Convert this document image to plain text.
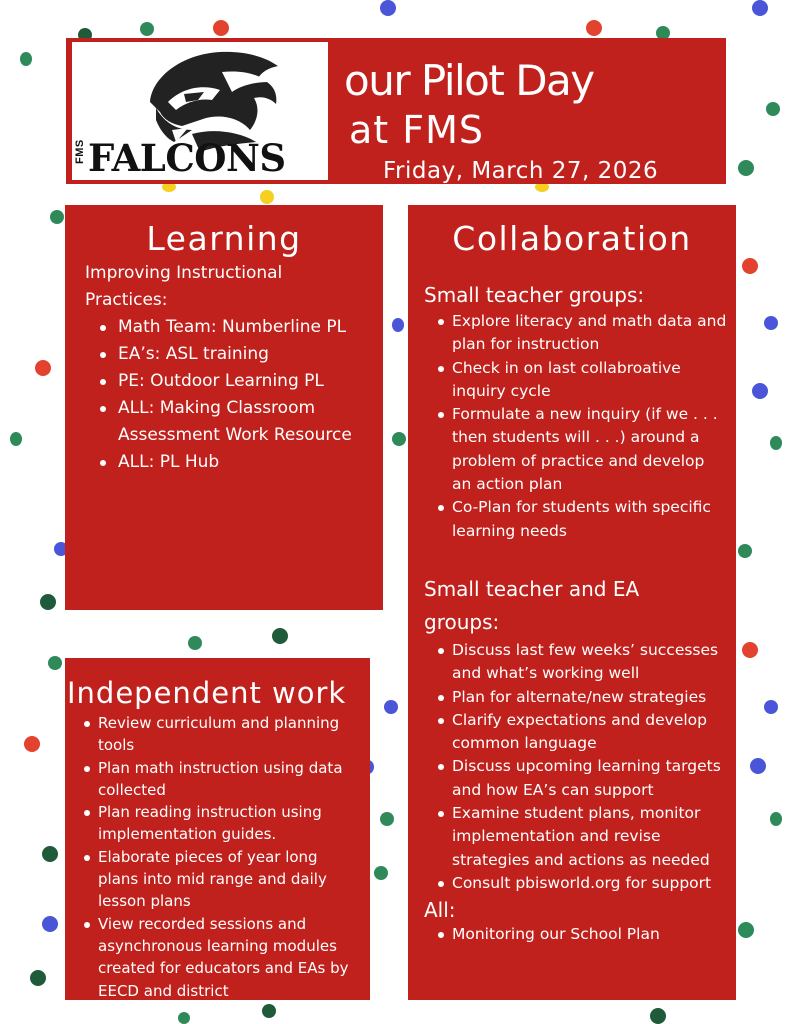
FMS FALCONS
our Pilot Day
at FMS
Friday, March 27, 2026
Learning
Improving Instructional Practices:
Math Team: Numberline PL
EA’s: ASL training
PE: Outdoor Learning PL
ALL: Making Classroom Assessment Work Resource
ALL: PL Hub
Collaboration
Small teacher groups:
Explore literacy and math data and plan for instruction
Check in on last collabroative inquiry cycle
Formulate a new inquiry (if we . . . then students will . . .) around a problem of practice and develop an action plan
Co-Plan for students with specific learning needs
Small teacher and EA groups:
Discuss last few weeks’ successes and what’s working well
Plan for alternate/new strategies
Clarify expectations and develop common language
Discuss upcoming learning targets and how EA’s can support
Examine student plans, monitor implementation and revise strategies and actions as needed
Consult pbisworld.org for support
All:
Monitoring our School Plan
Independent work
Review curriculum and planning tools
Plan math instruction using data collected
Plan reading instruction using implementation guides.
Elaborate pieces of year long plans into mid range and daily lesson plans
View recorded sessions and asynchronous learning modules created for educators and EAs by EECD and district
